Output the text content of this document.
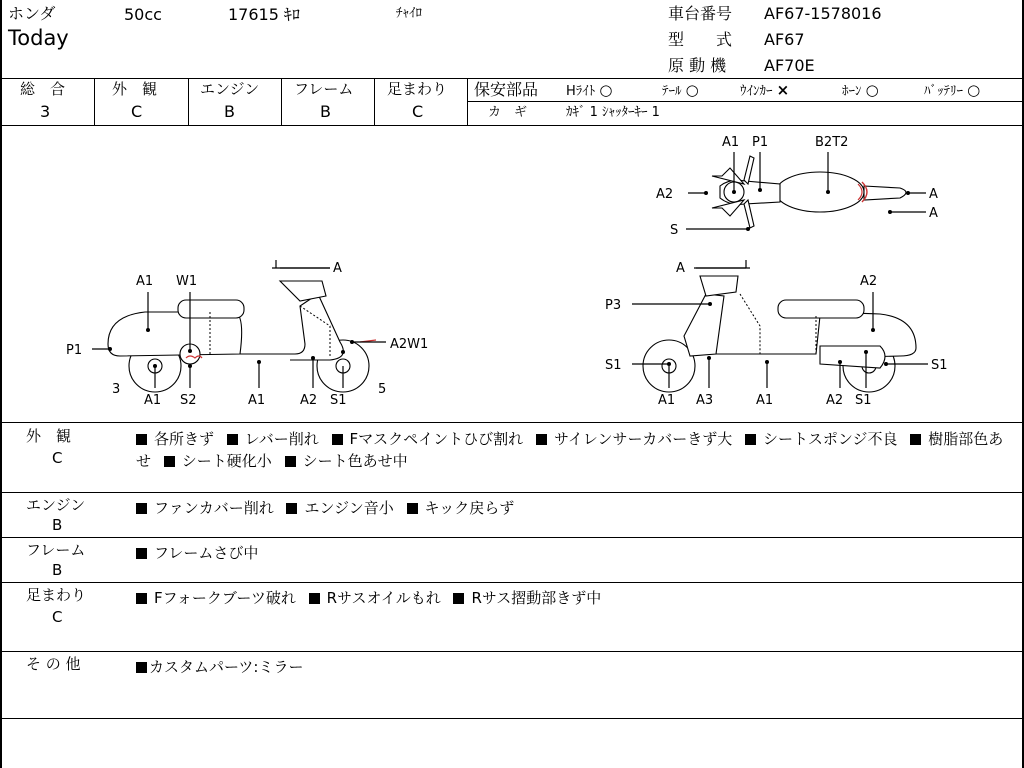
ホンダ	50cc	17615 ｷﾛ	ﾁｬｲﾛ
Today
車台番号 AF67-1578016
型　　式 AF67
原 動 機 AF70E
総　合
3
外　観
C
エンジン
B
フレーム
B
足まわり
C
保安部品 Hﾗｲﾄ ○	ﾃｰﾙ ○	ｳｲﾝｶｰ ×	ﾎｰﾝ ○	ﾊﾞｯﾃﾘｰ ○
カ　ギ	ｶｷﾞ 1 ｼｬｯﾀｰｷｰ 1
A
A1 W1
A2W1
P1
3	5
A1 S2	A1	A2 S1
A
A2
P3
S1	S1
A1 A3	A1	A2 S1
A1 P1	B2T2
A2	A
A
S
外　観
C
各所きず レバー削れ Fマスクペイントひび割れ サイレンサーカバーきず大 シートスポンジ不良 樹脂部色あせ シート硬化小 シート色あせ中
エンジン
B
ファンカバー削れ エンジン音小 キック戻らず
フレーム
B
フレームさび中
足まわり
C
Fフォークブーツ破れ Rサスオイルもれ Rサス摺動部きず中
そ の 他	カスタムパーツ:ミラー
